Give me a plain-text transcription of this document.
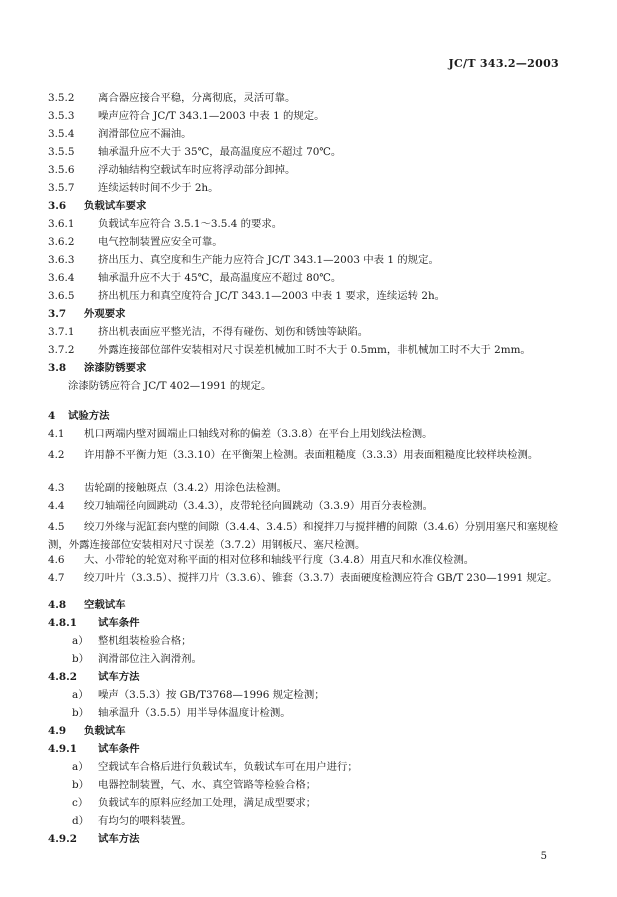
JC/T 343.2—2003
3.5.2 离合器应接合平稳，分离彻底，灵活可靠。
3.5.3 噪声应符合 JC/T 343.1—2003 中表 1 的规定。
3.5.4 润滑部位应不漏油。
3.5.5 轴承温升应不大于 35℃，最高温度应不超过 70℃。
3.5.6 浮动轴结构空载试车时应将浮动部分卸掉。
3.5.7 连续运转时间不少于 2h。
3.6 负载试车要求
3.6.1 负载试车应符合 3.5.1～3.5.4 的要求。
3.6.2 电气控制装置应安全可靠。
3.6.3 挤出压力、真空度和生产能力应符合 JC/T 343.1—2003 中表 1 的规定。
3.6.4 轴承温升应不大于 45℃，最高温度应不超过 80℃。
3.6.5 挤出机压力和真空度符合 JC/T 343.1—2003 中表 1 要求，连续运转 2h。
3.7 外观要求
3.7.1 挤出机表面应平整光洁，不得有碰伤、划伤和锈蚀等缺陷。
3.7.2 外露连接部位部件安装相对尺寸误差机械加工时不大于 0.5mm，非机械加工时不大于 2mm。
3.8 涂漆防锈要求
涂漆防锈应符合 JC/T 402—1991 的规定。
4 试验方法
4.1 机口两端内壁对圆端止口轴线对称的偏差（3.3.8）在平台上用划线法检测。
4.2 许用静不平衡力矩（3.3.10）在平衡架上检测。表面粗糙度（3.3.3）用表面粗糙度比较样块检测。
4.3 齿轮副的接触斑点（3.4.2）用涂色法检测。
4.4 绞刀轴端径向圆跳动（3.4.3），皮带轮径向圆跳动（3.3.9）用百分表检测。
4.5 绞刀外缘与泥缸套内壁的间隙（3.4.4、3.4.5）和搅拌刀与搅拌槽的间隙（3.4.6）分别用塞尺和塞规检测，外露连接部位安装相对尺寸误差（3.7.2）用钢板尺、塞尺检测。
4.6 大、小带轮的轮宽对称平面的相对位移和轴线平行度（3.4.8）用直尺和水准仪检测。
4.7 绞刀叶片（3.3.5）、搅拌刀片（3.3.6）、锥套（3.3.7）表面硬度检测应符合 GB/T 230—1991 规定。
4.8 空载试车
4.8.1 试车条件
a） 整机组装检验合格；
b） 润滑部位注入润滑剂。
4.8.2 试车方法
a） 噪声（3.5.3）按 GB/T3768—1996 规定检测；
b） 轴承温升（3.5.5）用半导体温度计检测。
4.9 负载试车
4.9.1 试车条件
a） 空载试车合格后进行负载试车，负载试车可在用户进行；
b） 电器控制装置，气、水、真空管路等检验合格；
c） 负载试车的原料应经加工处理，满足成型要求；
d） 有均匀的喂料装置。
4.9.2 试车方法
5
